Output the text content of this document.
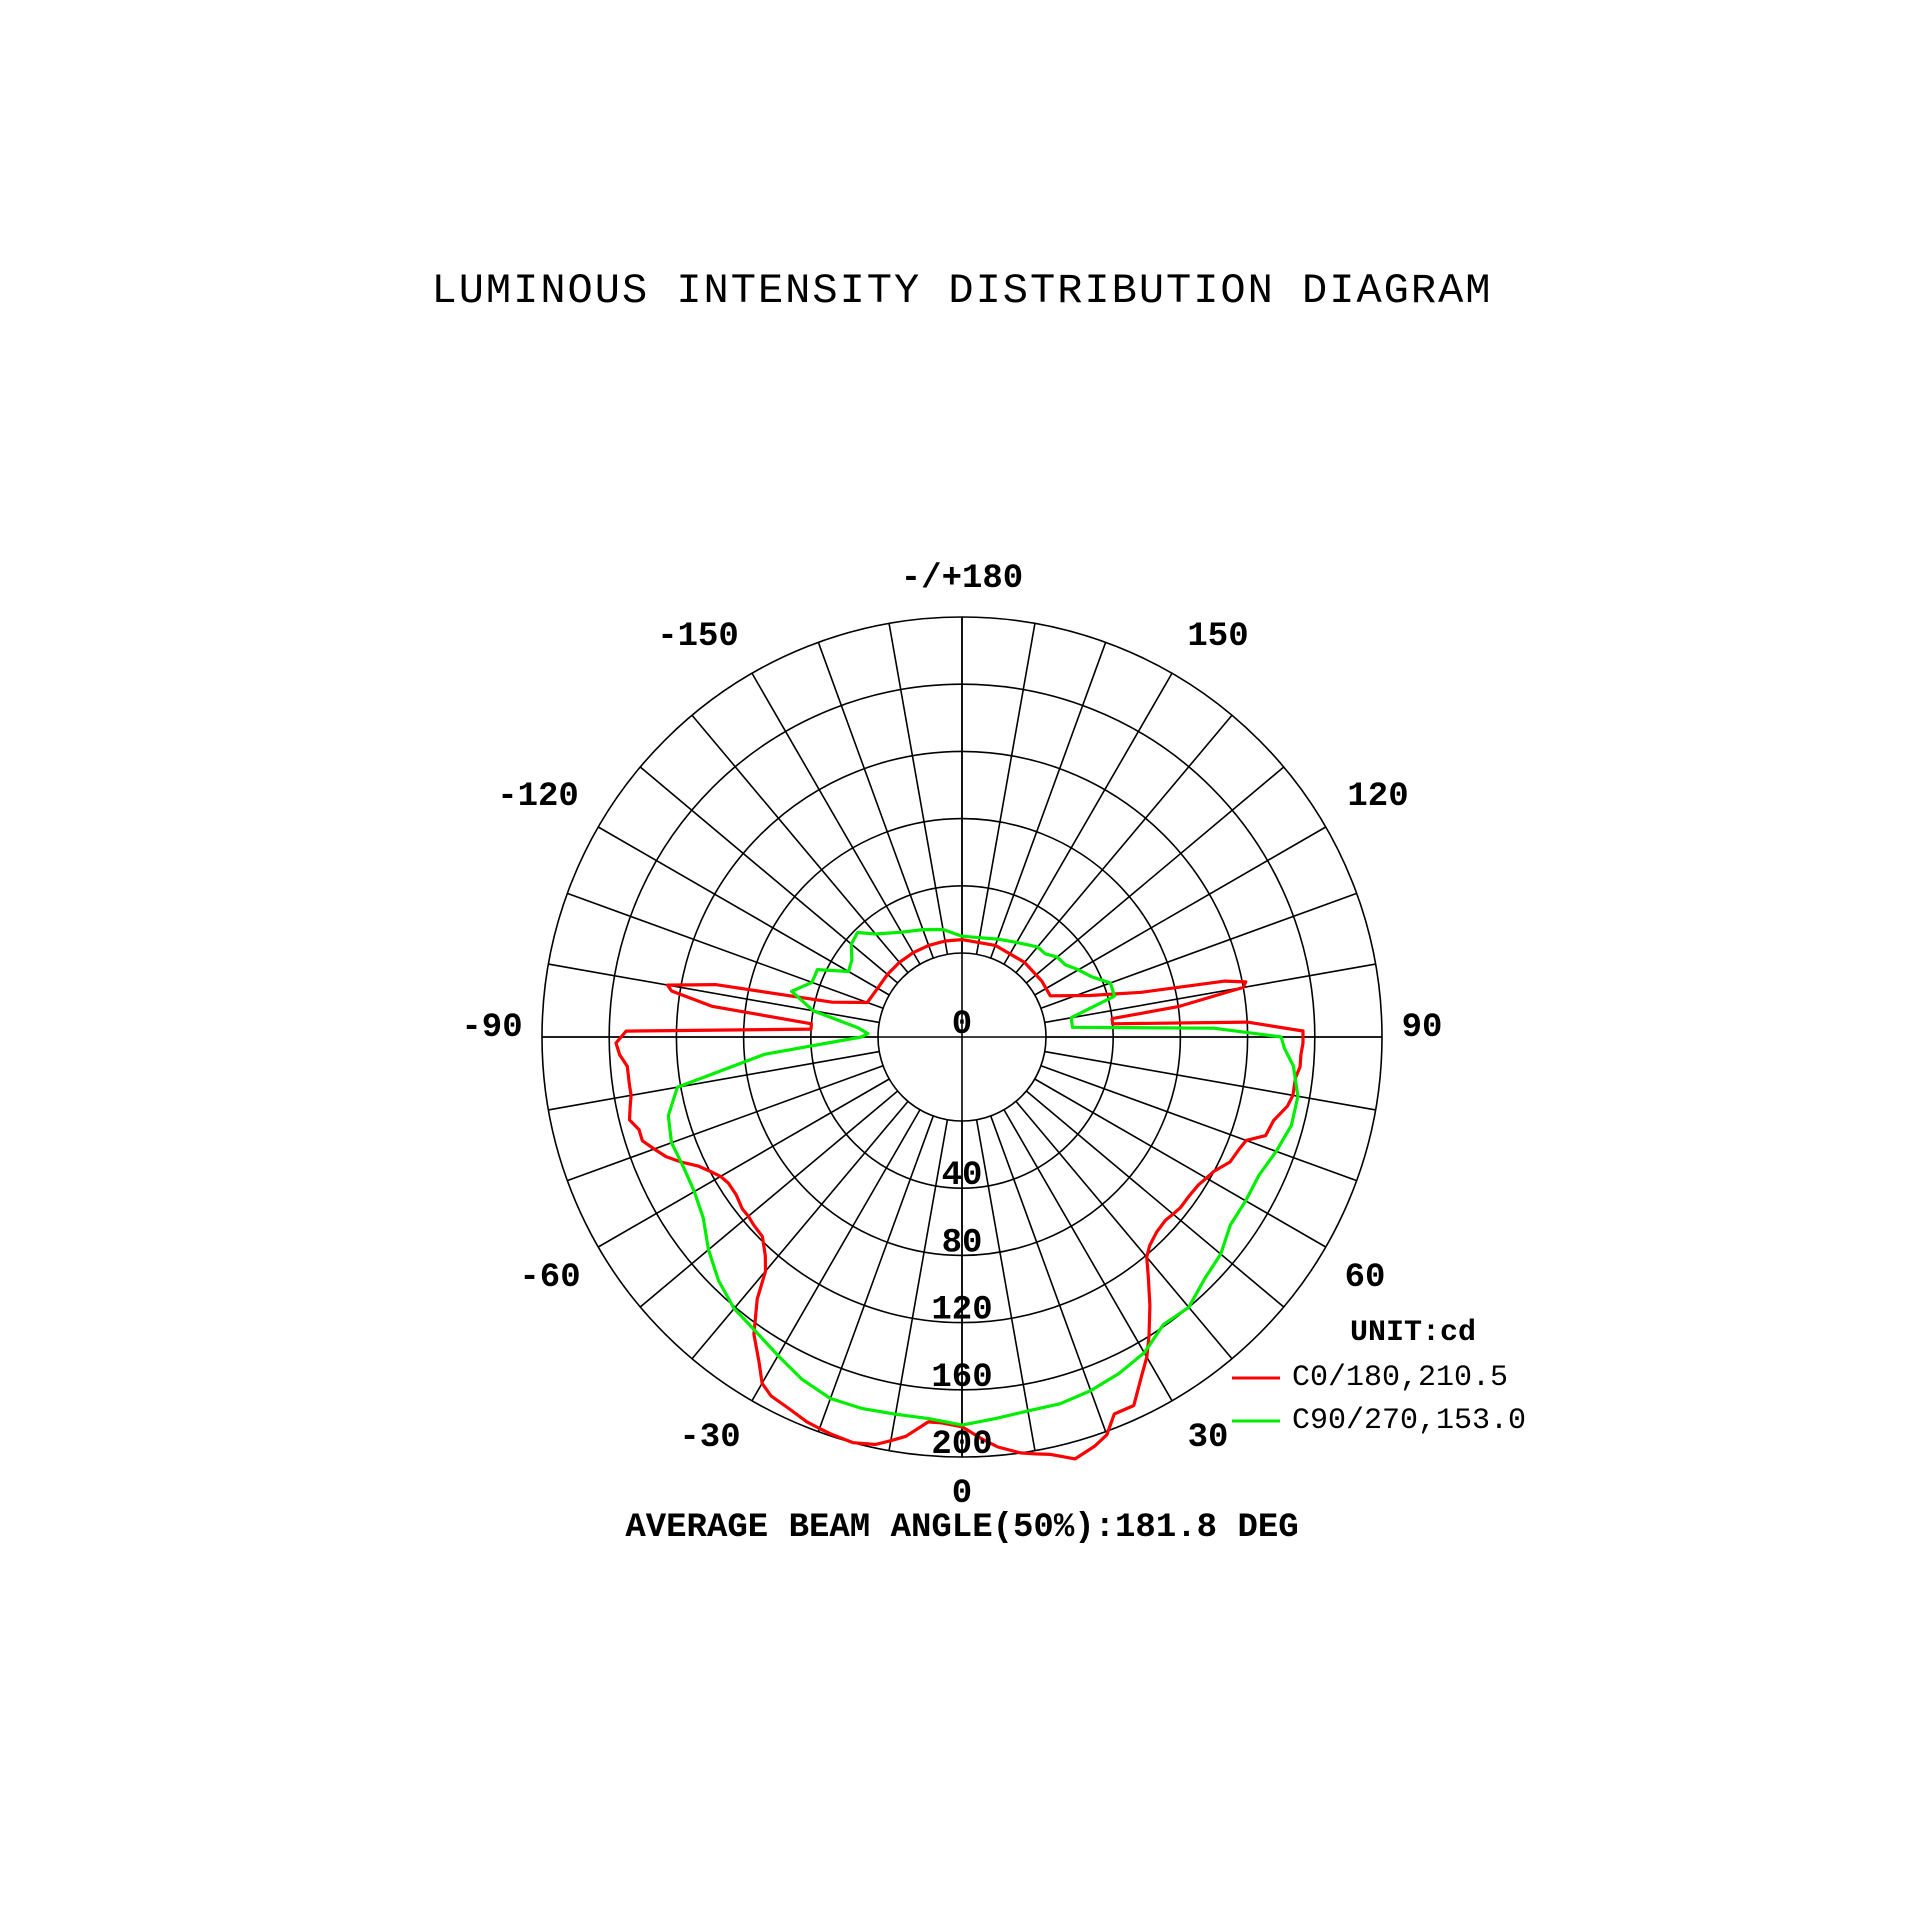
LUMINOUS INTENSITY DISTRIBUTION DIAGRAM
-/+180
150
-150
120
-120
90
-90
60
-60
30
-30
0
0
40
80
120
160
200
UNIT:cd
C0/180,210.5
C90/270,153.0
AVERAGE BEAM ANGLE(50%):181.8 DEG
